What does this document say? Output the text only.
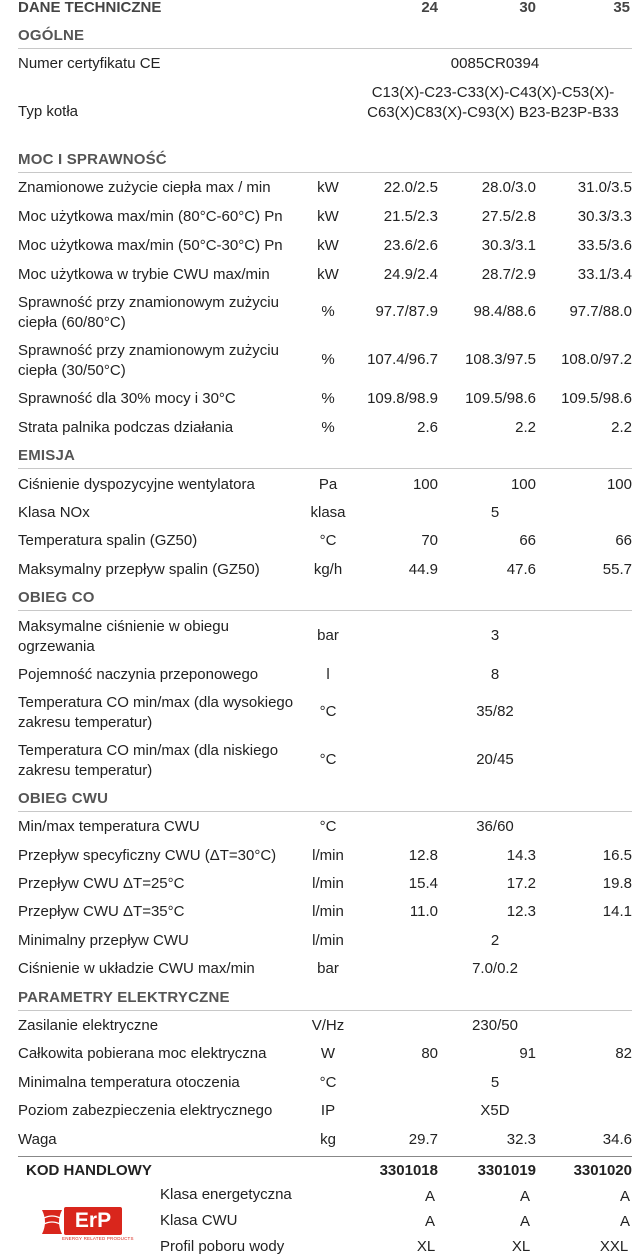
DANE TECHNICZNE	24	30	35
OGÓLNE
Numer certyfikatu CE	0085CR0394
Typ kotła
C13(X)-C23-C33(X)-C43(X)-C53(X)-C63(X)C83(X)-C93(X) B23-B23P-B33
MOC I SPRAWNOŚĆ
Znamionowe zużycie ciepła max / min	kW	22.0/2.5	28.0/3.0	31.0/3.5
Moc użytkowa max/min (80°C-60°C) Pn	kW	21.5/2.3	27.5/2.8	30.3/3.3
Moc użytkowa max/min (50°C-30°C) Pn	kW	23.6/2.6	30.3/3.1	33.5/3.6
Moc użytkowa w trybie CWU max/min	kW	24.9/2.4	28.7/2.9	33.1/3.4
Sprawność przy znamionowym zużyciu ciepła (60/80°C)
%	97.7/87.9 98.4/88.6 97.7/88.0
Sprawność przy znamionowym zużyciu ciepła (30/50°C)
%	107.4/96.7 108.3/97.5 108.0/97.2
Sprawność dla 30% mocy i 30°C	%	109.8/98.9 109.5/98.6 109.5/98.6
Strata palnika podczas działania	%	2.6	2.2	2.2
EMISJA
Ciśnienie dyspozycyjne wentylatora	Pa	100	100	100
Klasa NOx	klasa	5
Temperatura spalin (GZ50)	°C	70	66	66
Maksymalny przepływ spalin (GZ50)	kg/h	44.9	47.6	55.7
OBIEG CO
Maksymalne ciśnienie w obiegu ogrzewania
bar	3
Pojemność naczynia przeponowego	l	8
Temperatura CO min/max (dla wysokiego zakresu temperatur)
°C	35/82
Temperatura CO min/max (dla niskiego zakresu temperatur)
°C	20/45
OBIEG CWU
Min/max temperatura CWU	°C	36/60
Przepływ specyficzny CWU (ΔT=30°C) l/min	12.8	14.3	16.5
Przepływ CWU ΔT=25°C	l/min	15.4	17.2	19.8
Przepływ CWU ΔT=35°C	l/min	11.0	12.3	14.1
Minimalny przepływ CWU	l/min	2
Ciśnienie w układzie CWU max/min	bar	7.0/0.2
PARAMETRY ELEKTRYCZNE
Zasilanie elektryczne	V/Hz	230/50
Całkowita pobierana moc elektryczna	W	80	91	82
Minimalna temperatura otoczenia	°C	5
Poziom zabezpieczenia elektrycznego	IP	X5D
Waga	kg	29.7	32.3	34.6
KOD HANDLOWY	3301018	3301019	3301020
ErP
ENERGY RELATED PRODUCTS
Klasa energetyczna	A	A	A
Klasa CWU	A	A	A
Profil poboru wody	XL	XL	XXL
